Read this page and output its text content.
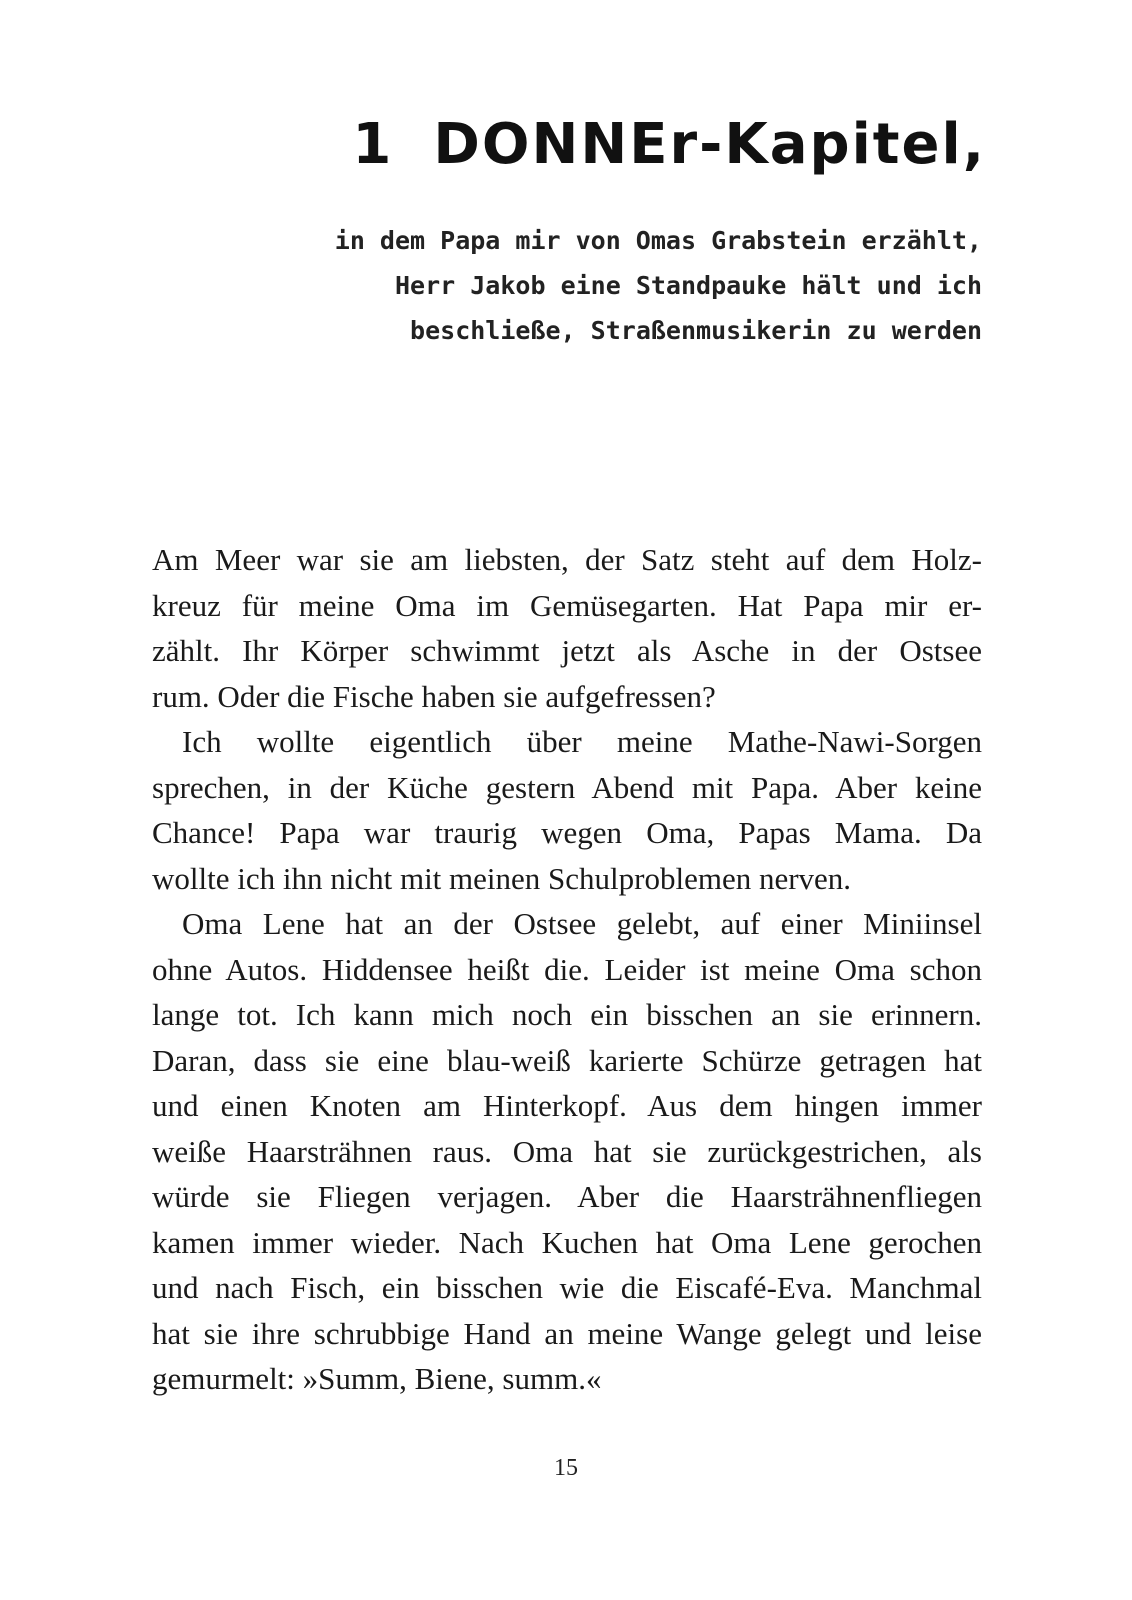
1 DONNEr-Kapitel,
in dem Papa mir von Omas Grabstein erzählt,
Herr Jakob eine Standpauke hält und ich
beschließe, Straßenmusikerin zu werden
Am Meer war sie am liebsten, der Satz steht auf dem Holz-
kreuz für meine Oma im Gemüsegarten. Hat Papa mir er-
zählt. Ihr Körper schwimmt jetzt als Asche in der Ostsee
rum. Oder die Fische haben sie aufgefressen?
Ich wollte eigentlich über meine Mathe-Nawi-Sorgen
sprechen, in der Küche gestern Abend mit Papa. Aber keine
Chance! Papa war traurig wegen Oma, Papas Mama. Da
wollte ich ihn nicht mit meinen Schulproblemen nerven.
Oma Lene hat an der Ostsee gelebt, auf einer Miniinsel
ohne Autos. Hiddensee heißt die. Leider ist meine Oma schon
lange tot. Ich kann mich noch ein bisschen an sie erinnern.
Daran, dass sie eine blau-weiß karierte Schürze getragen hat
und einen Knoten am Hinterkopf. Aus dem hingen immer
weiße Haarsträhnen raus. Oma hat sie zurückgestrichen, als
würde sie Fliegen verjagen. Aber die Haarsträhnenfliegen
kamen immer wieder. Nach Kuchen hat Oma Lene gerochen
und nach Fisch, ein bisschen wie die Eiscafé-Eva. Manchmal
hat sie ihre schrubbige Hand an meine Wange gelegt und leise
gemurmelt: »Summ, Biene, summ.«
15
